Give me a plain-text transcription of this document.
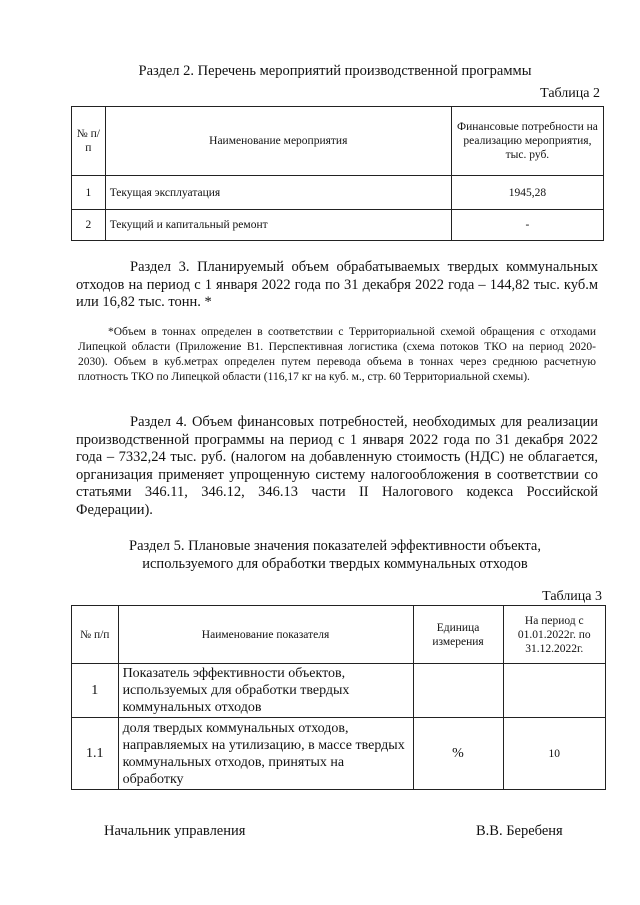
Раздел 2. Перечень мероприятий производственной программы
Таблица 2
№ п/п	Наименование мероприятия	Финансовые потребности на реализацию мероприятия, тыс. руб.
1	Текущая эксплуатация	1945,28
2	Текущий и капитальный ремонт	-
Раздел 3. Планируемый объем обрабатываемых твердых коммунальных отходов на период с 1 января 2022 года по 31 декабря 2022 года – 144,82 тыс. куб.м или 16,82 тыс. тонн. *
*Объем в тоннах определен в соответствии с Территориальной схемой обращения с отходами Липецкой области (Приложение В1. Перспективная логистика (схема потоков ТКО на период 2020-2030). Объем в куб.метрах определен путем перевода объема в тоннах через среднюю расчетную плотность ТКО по Липецкой области (116,17 кг на куб. м., стр. 60 Территориальной схемы).
Раздел 4. Объем финансовых потребностей, необходимых для реализации производственной программы на период с 1 января 2022 года по 31 декабря 2022 года – 7332,24 тыс. руб. (налогом на добавленную стоимость (НДС) не облагается, организация применяет упрощенную систему налогообложения в соответствии со статьями 346.11, 346.12, 346.13 части II Налогового кодекса Российской Федерации).
Раздел 5. Плановые значения показателей эффективности объекта,
используемого для обработки твердых коммунальных отходов
Таблица 3
№ п/п	Наименование показателя	Единица измерения	На период с 01.01.2022г. по 31.12.2022г.
1	Показатель эффективности объектов, используемых для обработки твердых коммунальных отходов		
1.1	доля твердых коммунальных отходов, направляемых на утилизацию, в массе твердых коммунальных отходов, принятых на обработку	%	10
Начальник управления	В.В. Беребеня
